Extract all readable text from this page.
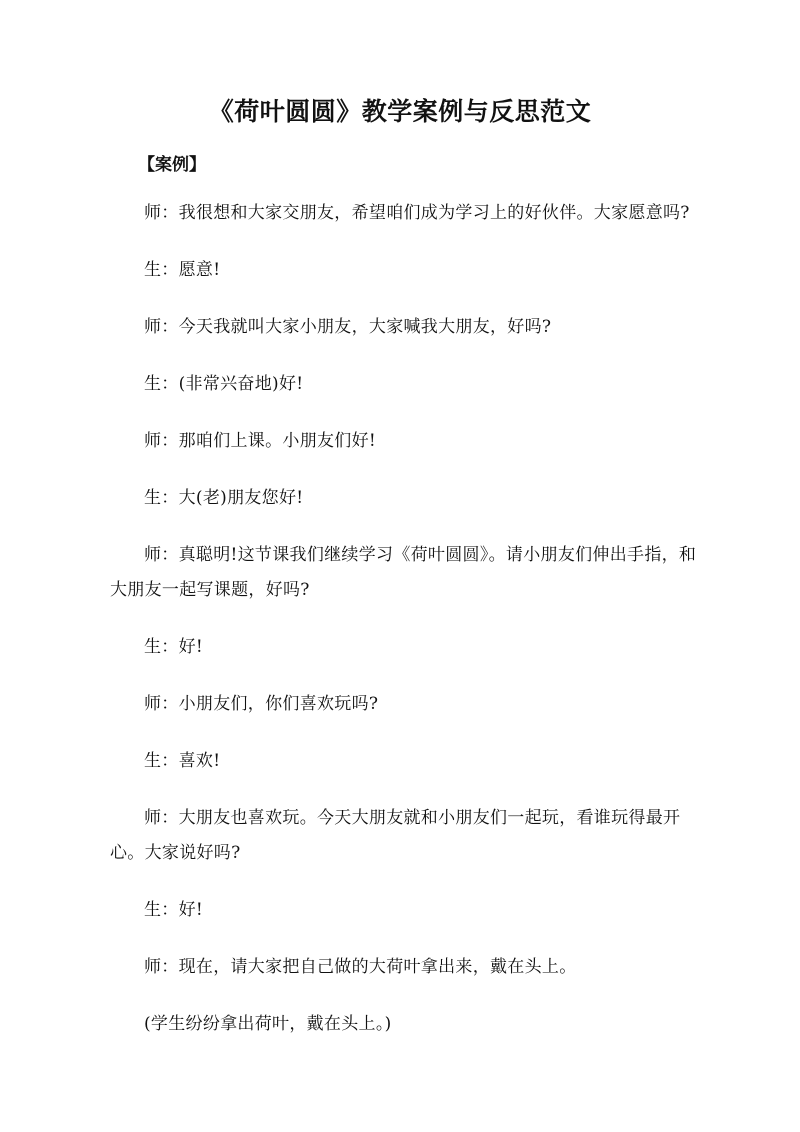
《荷叶圆圆》教学案例与反思范文
【案例】

师：我很想和大家交朋友，希望咱们成为学习上的好伙伴。大家愿意吗?

生：愿意!

师：今天我就叫大家小朋友，大家喊我大朋友，好吗?

生：(非常兴奋地)好!

师：那咱们上课。小朋友们好!

生：大(老)朋友您好!

师：真聪明!这节课我们继续学习《荷叶圆圆》。请小朋友们伸出手指，和大朋友一起写课题，好吗?

生：好!

师：小朋友们，你们喜欢玩吗?

生：喜欢!

师：大朋友也喜欢玩。今天大朋友就和小朋友们一起玩，看谁玩得最开心。大家说好吗?

生：好!

师：现在，请大家把自己做的大荷叶拿出来，戴在头上。

(学生纷纷拿出荷叶，戴在头上。)
